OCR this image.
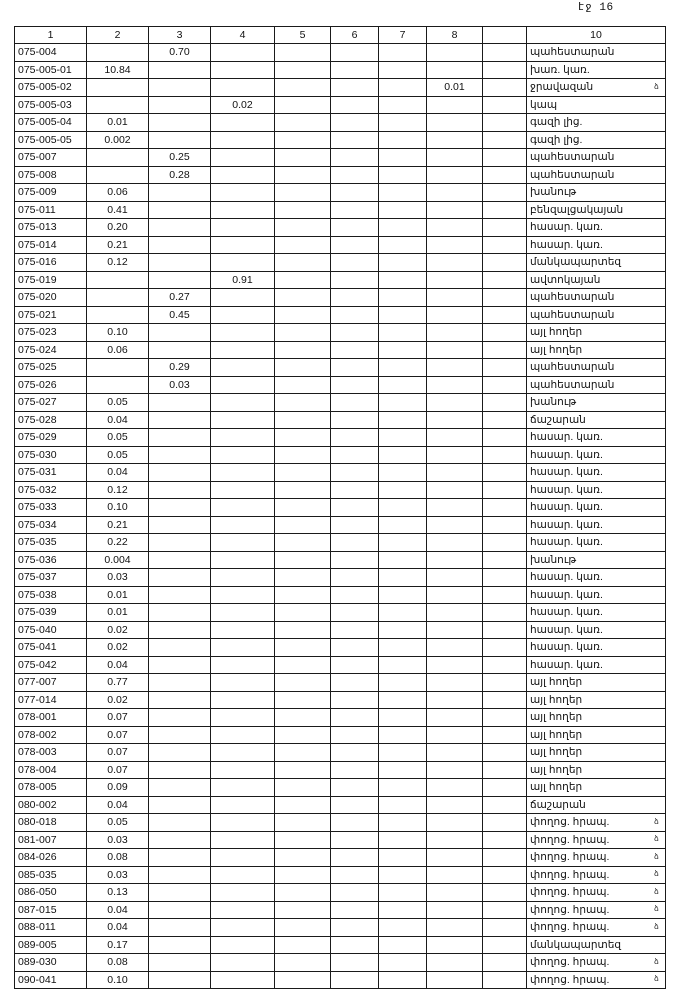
էջ 16
1	2	3	4	5	6	7	8		10
075-004		0.70							պահեստարան
075-005-01	10.84								խառ. կառ.
075-005-02							0.01		ջրավազան
075-005-03			0.02						կապ
075-005-04	0.01								գազի լից.
075-005-05	0.002								գազի լից.
075-007		0.25							պահեստարան
075-008		0.28							պահեստարան
075-009	0.06								խանութ
075-011	0.41								բենզալցակայան
075-013	0.20								հասար. կառ.
075-014	0.21								հասար. կառ.
075-016	0.12								մանկապարտեզ
075-019			0.91						ավտոկայան
075-020		0.27							պահեստարան
075-021		0.45							պահեստարան
075-023	0.10								այլ հողեր
075-024	0.06								այլ հողեր
075-025		0.29							պահեստարան
075-026		0.03							պահեստարան
075-027	0.05								խանութ
075-028	0.04								ճաշարան
075-029	0.05								հասար. կառ.
075-030	0.05								հասար. կառ.
075-031	0.04								հասար. կառ.
075-032	0.12								հասար. կառ.
075-033	0.10								հասար. կառ.
075-034	0.21								հասար. կառ.
075-035	0.22								հասար. կառ.
075-036	0.004								խանութ
075-037	0.03								հասար. կառ.
075-038	0.01								հասար. կառ.
075-039	0.01								հասար. կառ.
075-040	0.02								հասար. կառ.
075-041	0.02								հասար. կառ.
075-042	0.04								հասար. կառ.
077-007	0.77								այլ հողեր
077-014	0.02								այլ հողեր
078-001	0.07								այլ հողեր
078-002	0.07								այլ հողեր
078-003	0.07								այլ հողեր
078-004	0.07								այլ հողեր
078-005	0.09								այլ հողեր
080-002	0.04								ճաշարան
080-018	0.05								փողոց. հրապ.
081-007	0.03								փողոց. հրապ.
084-026	0.08								փողոց. հրապ.
085-035	0.03								փողոց. հրապ.
086-050	0.13								փողոց. հրապ.
087-015	0.04								փողոց. հրապ.
088-011	0.04								փողոց. հրապ.
089-005	0.17								մանկապարտեզ
089-030	0.08								փողոց. հրապ.
090-041	0.10								փողոց. հրապ.
ձ
ձ
ձ
ձ
ձ
ձ
ձ
ձ
ձ
ձ
